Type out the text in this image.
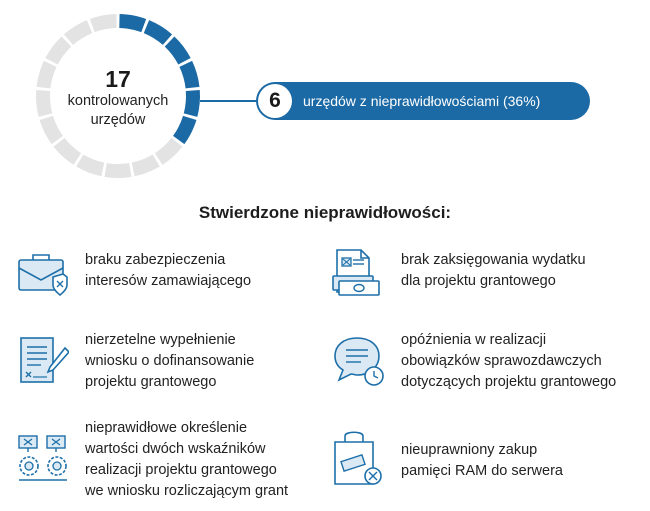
17
kontrolowanych
urzędów
6	urzędów z nieprawidłowościami (36%)
Stwierdzone nieprawidłowości:
braku zabezpieczenia
interesów zamawiającego
brak zaksięgowania wydatku
dla projektu grantowego
nierzetelne wypełnienie
wniosku o dofinansowanie
projektu grantowego
opóźnienia w realizacji
obowiązków sprawozdawczych
dotyczących projektu grantowego
nieprawidłowe określenie
wartości dwóch wskaźników
realizacji projektu grantowego
we wniosku rozliczającym grant
nieuprawniony zakup
pamięci RAM do serwera
